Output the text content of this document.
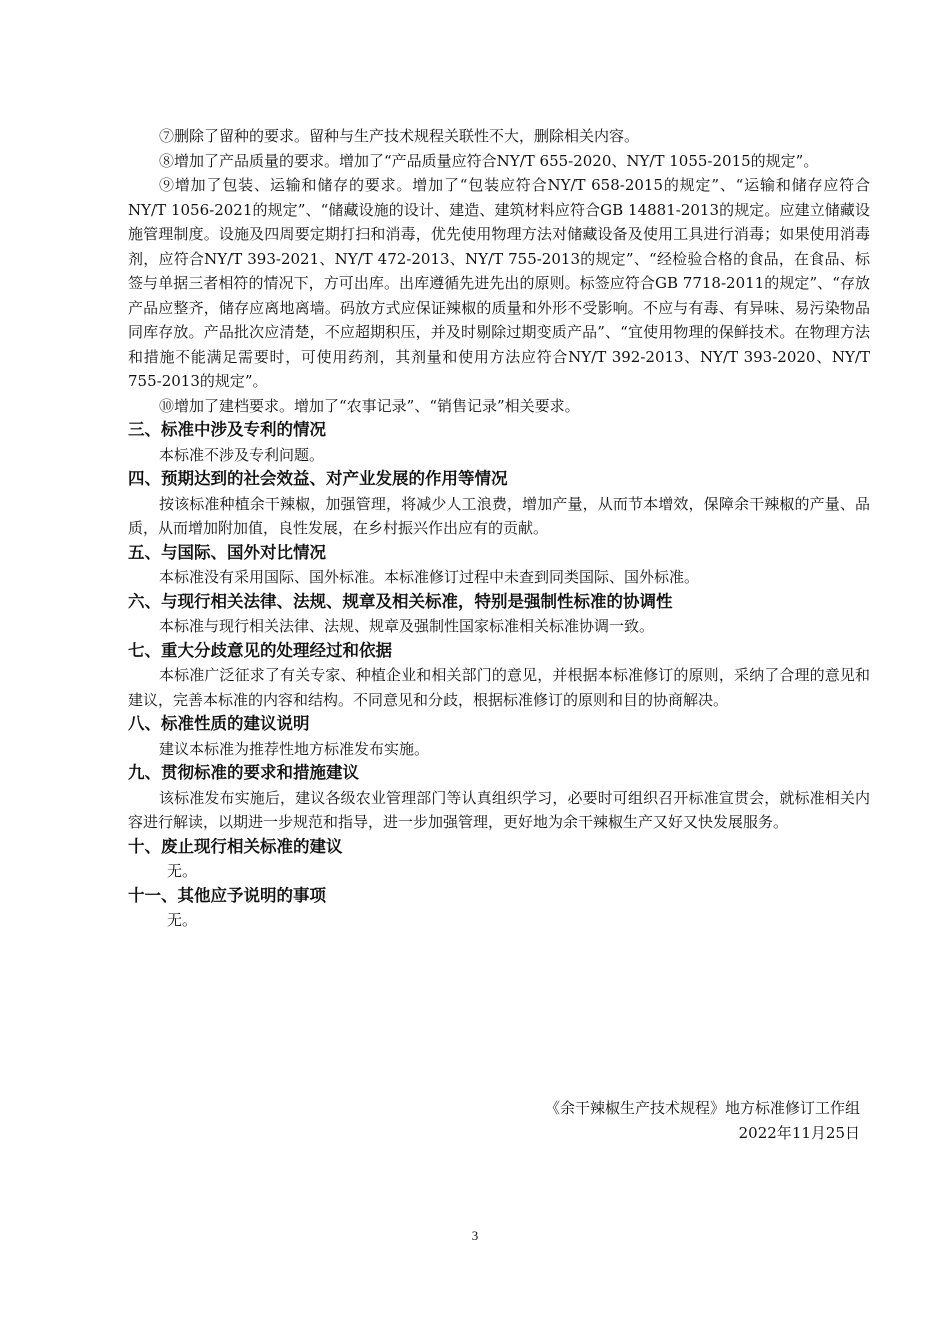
⑦删除了留种的要求。留种与生产技术规程关联性不大，删除相关内容。

⑧增加了产品质量的要求。增加了“产品质量应符合NY/T 655-2020、NY/T 1055-2015的规定”。

⑨增加了包装、运输和储存的要求。增加了“包装应符合NY/T 658-2015的规定”、“运输和储存应符合NY/T 1056-2021的规定”、“储藏设施的设计、建造、建筑材料应符合GB 14881-2013的规定。应建立储藏设施管理制度。设施及四周要定期打扫和消毒，优先使用物理方法对储藏设备及使用工具进行消毒；如果使用消毒剂，应符合NY/T 393-2021、NY/T 472-2013、NY/T 755-2013的规定”、“经检验合格的食品，在食品、标签与单据三者相符的情况下，方可出库。出库遵循先进先出的原则。标签应符合GB 7718-2011的规定”、“存放产品应整齐，储存应离地离墙。码放方式应保证辣椒的质量和外形不受影响。不应与有毒、有异味、易污染物品同库存放。产品批次应清楚，不应超期积压，并及时剔除过期变质产品”、“宜使用物理的保鲜技术。在物理方法和措施不能满足需要时，可使用药剂，其剂量和使用方法应符合NY/T 392-2013、NY/T 393-2020、NY/T 755-2013的规定”。

⑩增加了建档要求。增加了“农事记录”、“销售记录”相关要求。

三、标准中涉及专利的情况

本标准不涉及专利问题。

四、预期达到的社会效益、对产业发展的作用等情况

按该标准种植余干辣椒，加强管理，将减少人工浪费，增加产量，从而节本增效，保障余干辣椒的产量、品质，从而增加附加值，良性发展，在乡村振兴作出应有的贡献。

五、与国际、国外对比情况

本标准没有采用国际、国外标准。本标准修订过程中未查到同类国际、国外标准。

六、与现行相关法律、法规、规章及相关标准，特别是强制性标准的协调性

本标准与现行相关法律、法规、规章及强制性国家标准相关标准协调一致。

七、重大分歧意见的处理经过和依据

本标准广泛征求了有关专家、种植企业和相关部门的意见，并根据本标准修订的原则，采纳了合理的意见和建议，完善本标准的内容和结构。不同意见和分歧，根据标准修订的原则和目的协商解决。

八、标准性质的建议说明

建议本标准为推荐性地方标准发布实施。

九、贯彻标准的要求和措施建议

该标准发布实施后，建议各级农业管理部门等认真组织学习，必要时可组织召开标准宣贯会，就标准相关内容进行解读，以期进一步规范和指导，进一步加强管理，更好地为余干辣椒生产又好又快发展服务。

十、废止现行相关标准的建议

无。

十一、其他应予说明的事项

无。

《余干辣椒生产技术规程》地方标准修订工作组
2022年11月25日
3
